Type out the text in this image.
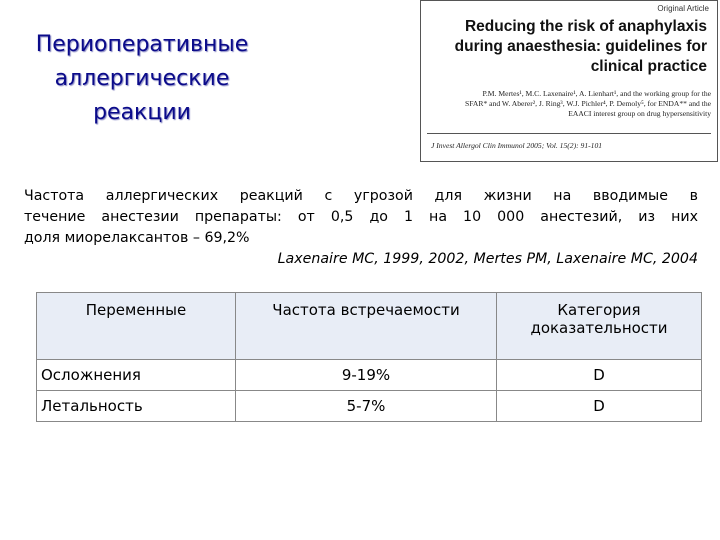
Периоперативные
аллергические
реакции
Original Article
Reducing the risk of anaphylaxis
during anaesthesia: guidelines for
clinical practice
P.M. Mertes¹, M.C. Laxenaire¹, A. Lienhart¹, and the working group for the
SFAR* and W. Aberer², J. Ring³, W.J. Pichler⁴, P. Demoly⁵, for ENDA** and the
EAACI interest group on drug hypersensitivity
J Invest Allergol Clin Immunol 2005; Vol. 15(2): 91-101
Частота аллергических реакций с угрозой для жизни на вводимые в
течение анестезии препараты: от 0,5 до 1 на 10 000 анестезий, из них
доля миорелаксантов – 69,2%
Laxenaire MC, 1999, 2002, Mertes PM, Laxenaire MC, 2004
Переменные	Частота встречаемости	Категория доказательности
Осложнения	9-19%	D
Летальность	5-7%	D
